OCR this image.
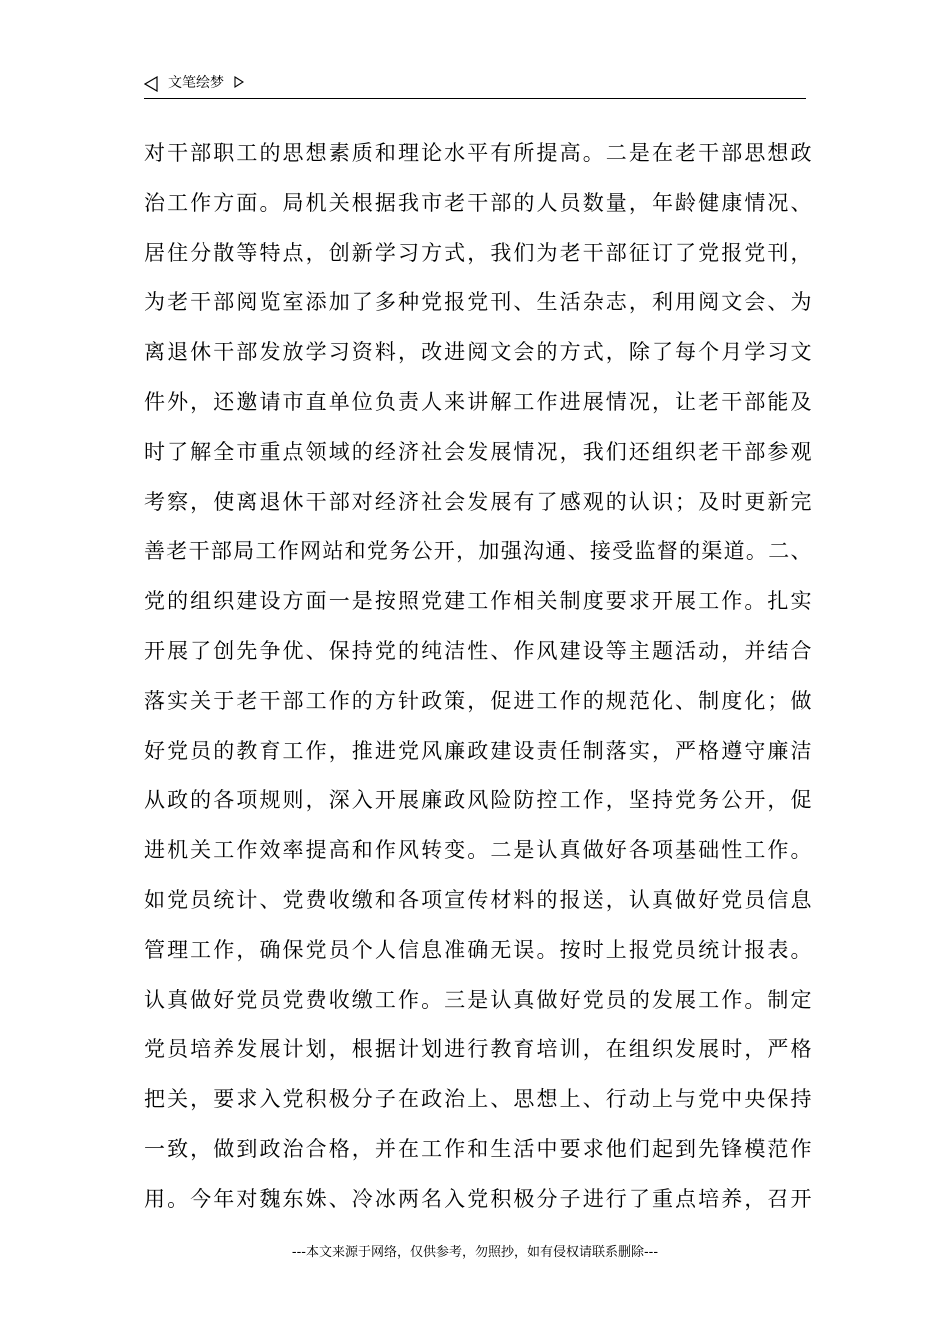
文笔绘梦
对干部职工的思想素质和理论水平有所提高。二是在老干部思想政
治工作方面。局机关根据我市老干部的人员数量，年龄健康情况、
居住分散等特点，创新学习方式，我们为老干部征订了党报党刊，
为老干部阅览室添加了多种党报党刊、生活杂志，利用阅文会、为
离退休干部发放学习资料，改进阅文会的方式，除了每个月学习文
件外，还邀请市直单位负责人来讲解工作进展情况，让老干部能及
时了解全市重点领域的经济社会发展情况，我们还组织老干部参观
考察，使离退休干部对经济社会发展有了感观的认识；及时更新完
善老干部局工作网站和党务公开，加强沟通、接受监督的渠道。二、
党的组织建设方面一是按照党建工作相关制度要求开展工作。扎实
开展了创先争优、保持党的纯洁性、作风建设等主题活动，并结合
落实关于老干部工作的方针政策，促进工作的规范化、制度化；做
好党员的教育工作，推进党风廉政建设责任制落实，严格遵守廉洁
从政的各项规则，深入开展廉政风险防控工作，坚持党务公开，促
进机关工作效率提高和作风转变。二是认真做好各项基础性工作。
如党员统计、党费收缴和各项宣传材料的报送，认真做好党员信息
管理工作，确保党员个人信息准确无误。按时上报党员统计报表。
认真做好党员党费收缴工作。三是认真做好党员的发展工作。制定
党员培养发展计划，根据计划进行教育培训，在组织发展时，严格
把关，要求入党积极分子在政治上、思想上、行动上与党中央保持
一致，做到政治合格，并在工作和生活中要求他们起到先锋模范作
用。今年对魏东姝、冷冰两名入党积极分子进行了重点培养，召开
---本文来源于网络，仅供参考，勿照抄，如有侵权请联系删除---
